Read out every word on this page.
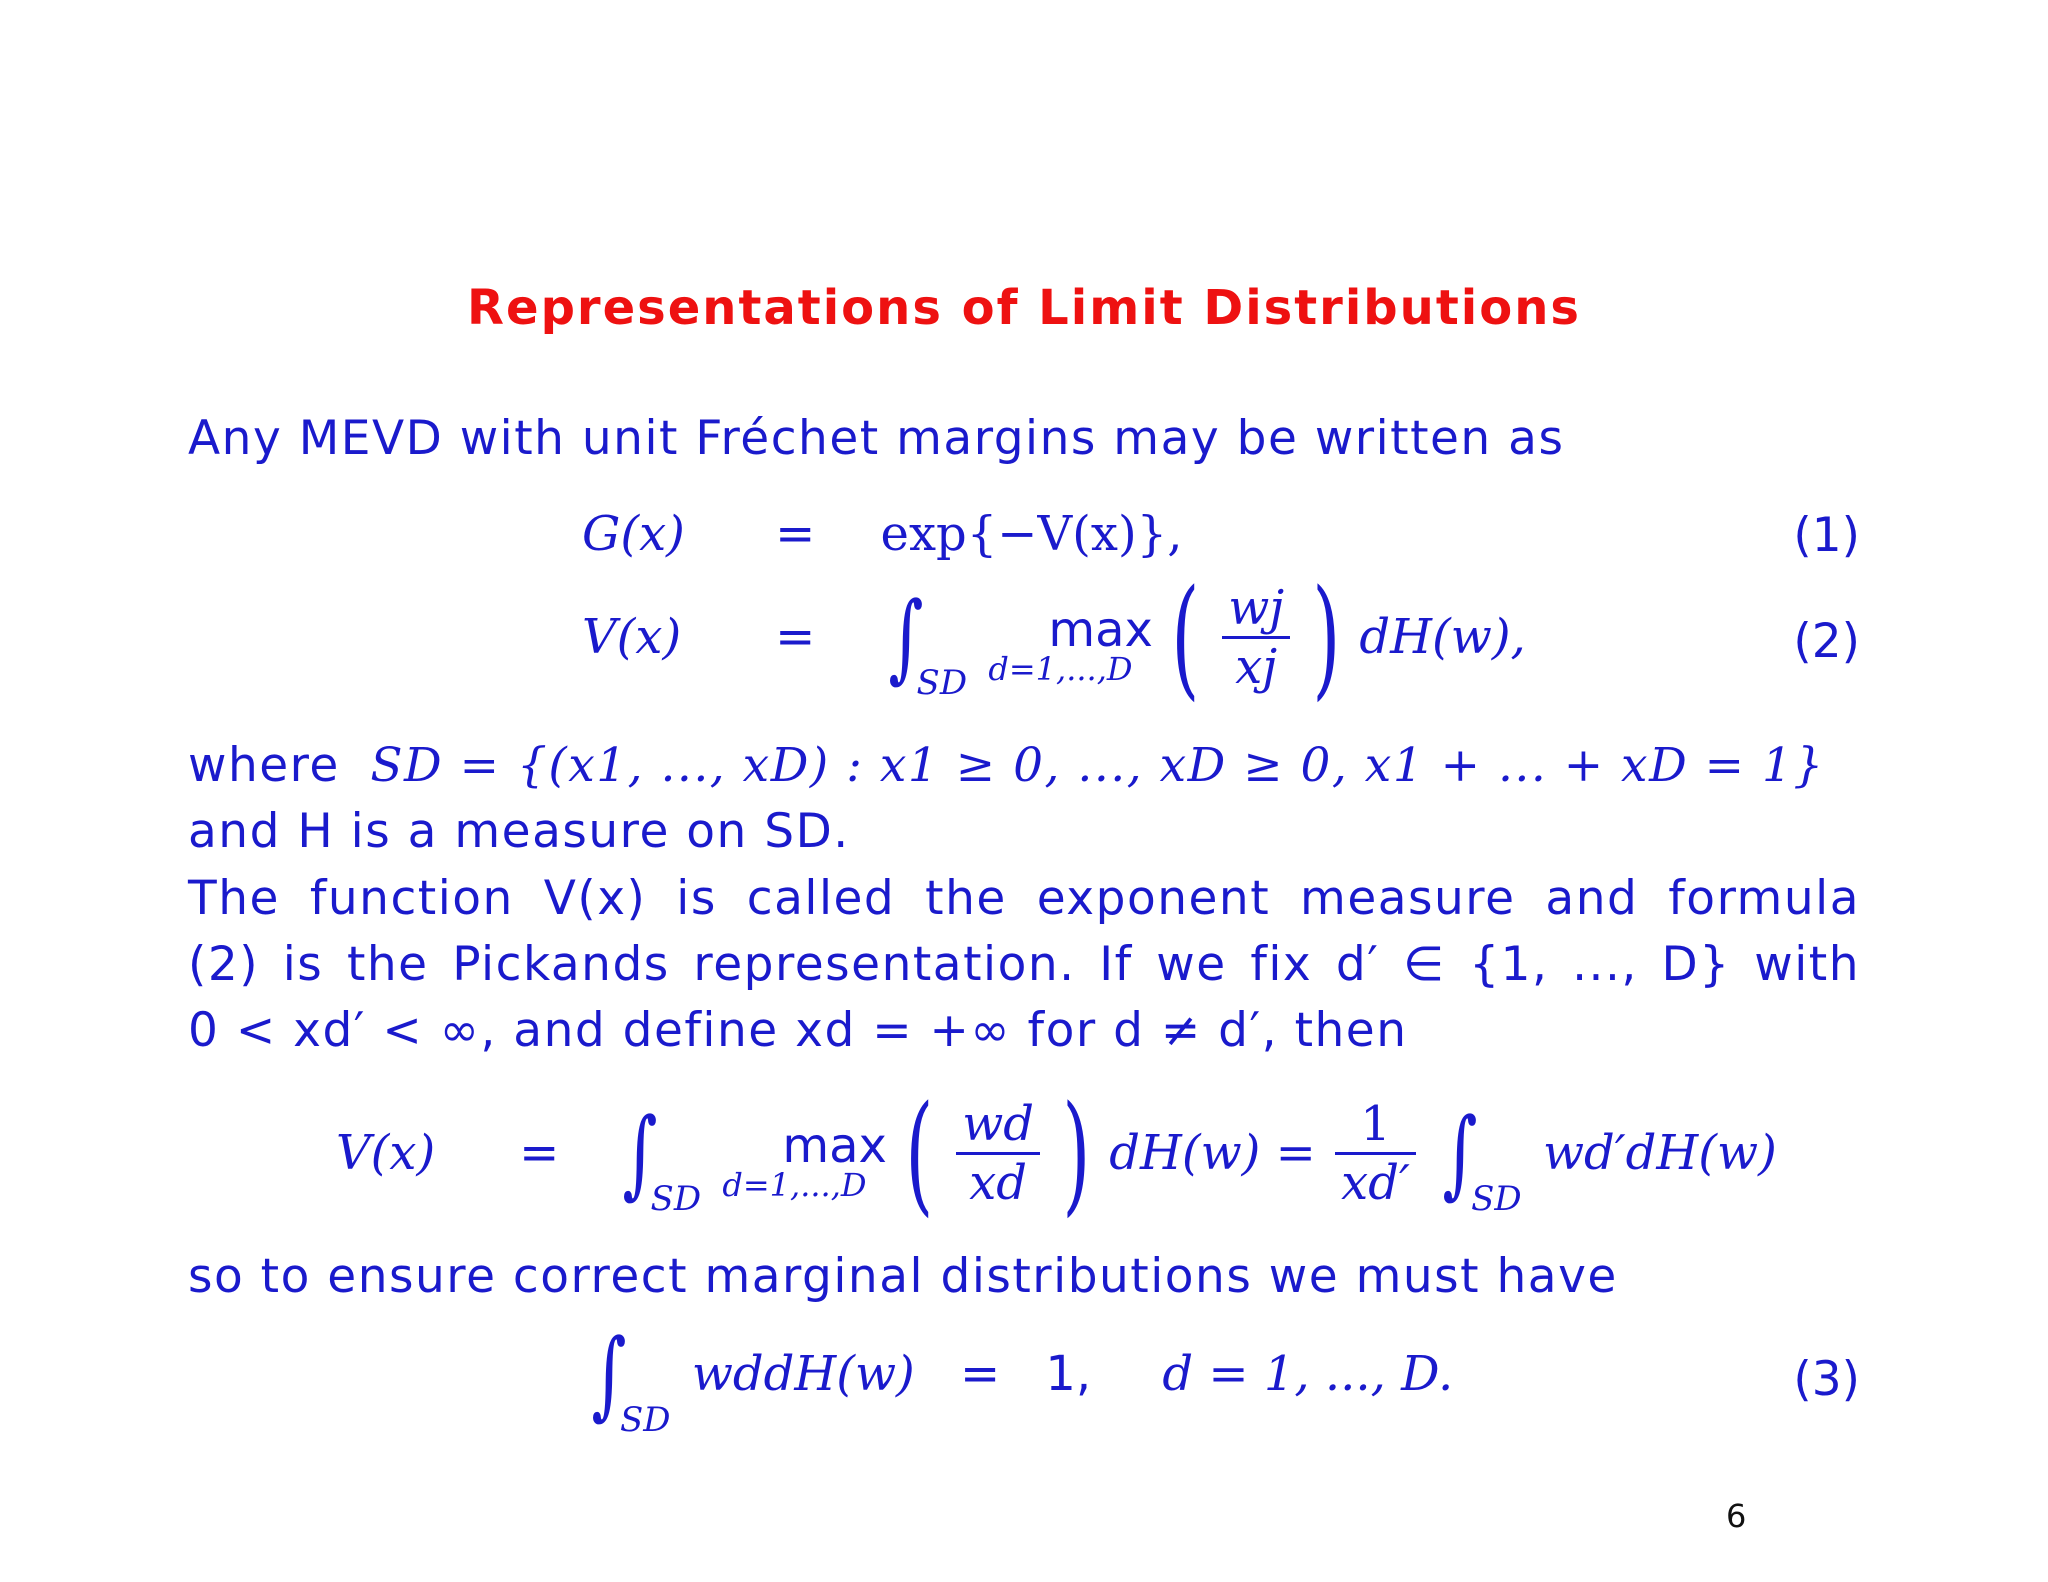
Representations of Limit Distributions
Any MEVD with unit Fréchet margins may be written as
G(x) = exp{−V(x)},	(1)
V(x) = ∫SD
max
d=1,...,D ( $\frac{wj}{xj}$ ) dH(w),	(2)
where SD = {(x1, ..., xD) : x1 ≥ 0, ..., xD ≥ 0, x1 + ... + xD = 1}
and H is a measure on SD.
The function V(x) is called the exponent measure and formula
(2) is the Pickands representation. If we fix d′ ∈ {1, ..., D} with
0 < xd′ < ∞, and define xd = +∞ for d ≠ d′, then
V(x) = ∫SD
max
d=1,...,D ( $\frac{wd}{xd}$ ) $dH(w) = \frac{1}{xd'} \int SD$ wd′dH(w)
so to ensure correct marginal distributions we must have
∫SD wddH(w) = 1, d = 1, ..., D.	(3)
6
